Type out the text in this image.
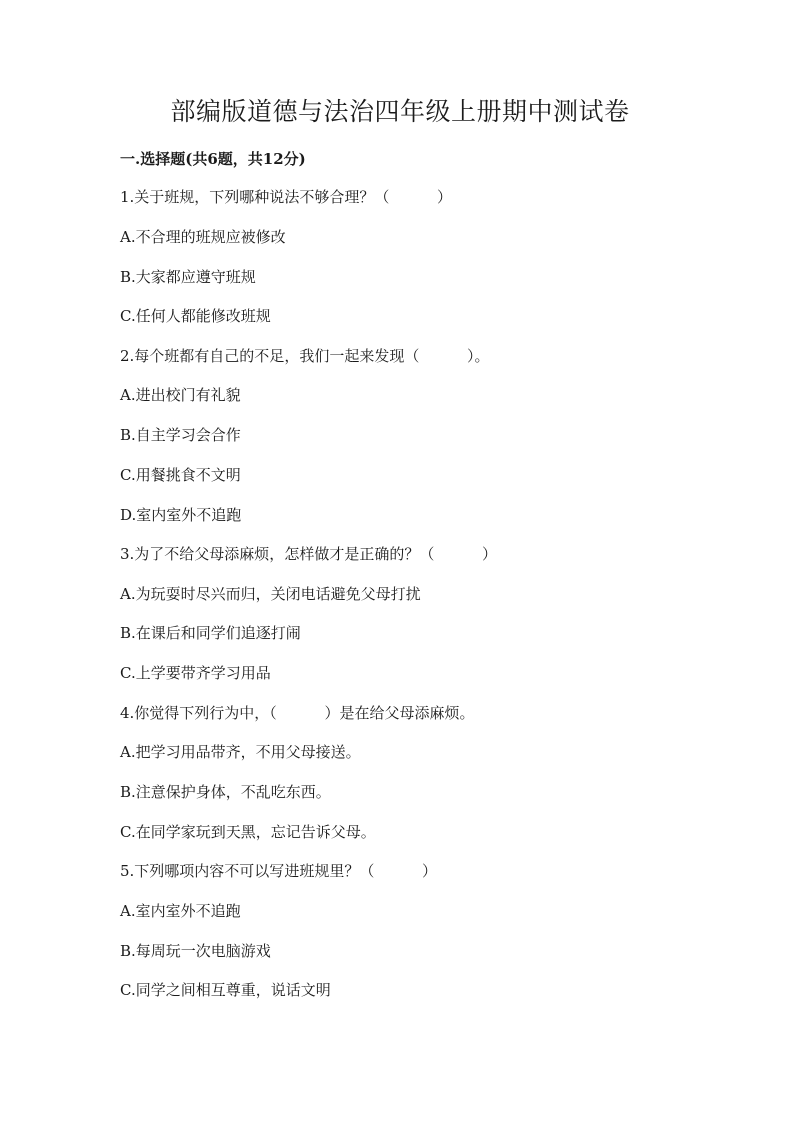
部编版道德与法治四年级上册期中测试卷
一.选择题(共6题，共12分)
1.关于班规，下列哪种说法不够合理？（          ）
A.不合理的班规应被修改
B.大家都应遵守班规
C.任何人都能修改班规
2.每个班都有自己的不足，我们一起来发现（          ）。
A.进出校门有礼貌
B.自主学习会合作
C.用餐挑食不文明
D.室内室外不追跑
3.为了不给父母添麻烦，怎样做才是正确的？（          ）
A.为玩耍时尽兴而归，关闭电话避免父母打扰
B.在课后和同学们追逐打闹
C.上学要带齐学习用品
4.你觉得下列行为中，（          ）是在给父母添麻烦。
A.把学习用品带齐，不用父母接送。
B.注意保护身体，不乱吃东西。
C.在同学家玩到天黑，忘记告诉父母。
5.下列哪项内容不可以写进班规里？（          ）
A.室内室外不追跑
B.每周玩一次电脑游戏
C.同学之间相互尊重，说话文明
